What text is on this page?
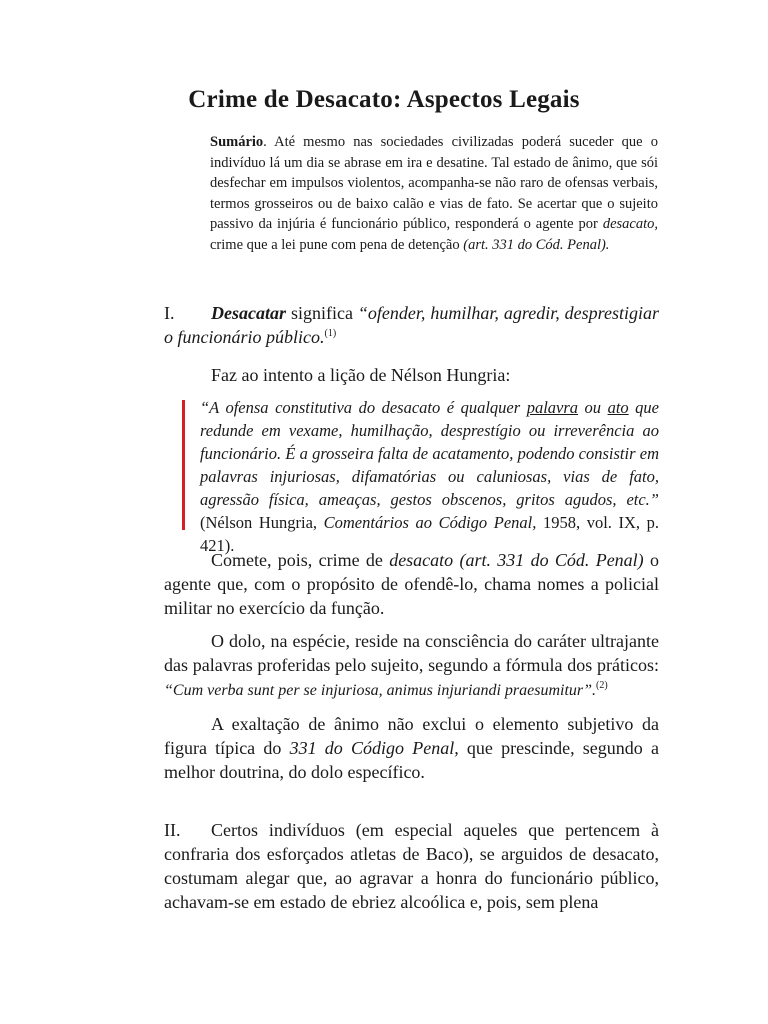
Crime de Desacato: Aspectos Legais
Sumário. Até mesmo nas sociedades civilizadas poderá suceder que o indivíduo lá um dia se abrase em ira e desatine. Tal estado de ânimo, que sói desfechar em impulsos violentos, acompanha-se não raro de ofensas verbais, termos grosseiros ou de baixo calão e vias de fato. Se acertar que o sujeito passivo da injúria é funcionário público, responderá o agente por desacato, crime que a lei pune com pena de detenção (art. 331 do Cód. Penal).
I. Desacatar significa “ofender, humilhar, agredir, desprestigiar o funcionário público.$^{(1)}$
Faz ao intento a lição de Nélson Hungria:
“A ofensa constitutiva do desacato é qualquer palavra ou ato que redunde em vexame, humilhação, desprestígio ou irreverência ao funcionário. É a grosseira falta de acatamento, podendo consistir em palavras injuriosas, difamatórias ou caluniosas, vias de fato, agressão física, ameaças, gestos obscenos, gritos agudos, etc.” (Nélson Hungria, Comentários ao Código Penal, 1958, vol. IX, p. 421).
Comete, pois, crime de desacato (art. 331 do Cód. Penal) o agente que, com o propósito de ofendê-lo, chama nomes a policial militar no exercício da função.
O dolo, na espécie, reside na consciência do caráter ultrajante das palavras proferidas pelo sujeito, segundo a fórmula dos práticos: “Cum verba sunt per se injuriosa, animus injuriandi praesumitur”.$^{(2)}$
A exaltação de ânimo não exclui o elemento subjetivo da figura típica do 331 do Código Penal, que prescinde, segundo a melhor doutrina, do dolo específico.
II. Certos indivíduos (em especial aqueles que pertencem à confraria dos esforçados atletas de Baco), se arguidos de desacato, costumam alegar que, ao agravar a honra do funcionário público, achavam-se em estado de ebriez alcoólica e, pois, sem plena
